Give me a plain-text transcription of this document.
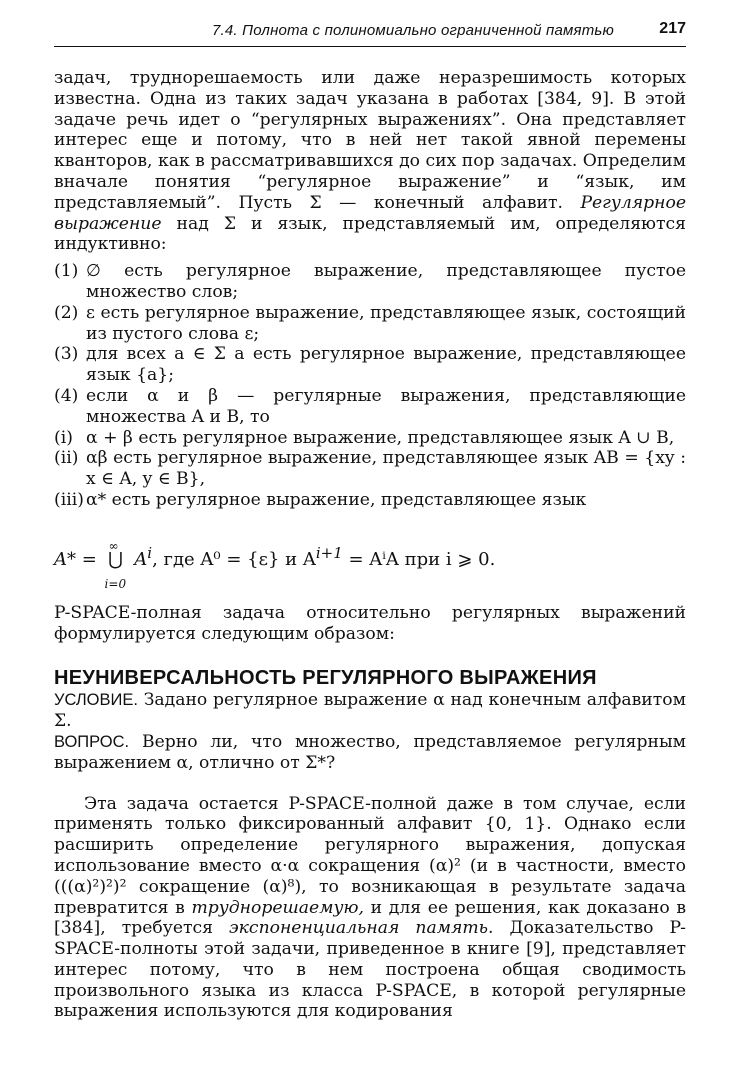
7.4. Полнота с полиномиально ограниченной памятью	217

задач, труднорешаемость или даже неразрешимость которых известна. Одна из таких задач указана в работах [384, 9]. В этой задаче речь идет о “регулярных выражениях”. Она представляет интерес еще и потому, что в ней нет такой явной перемены кванторов, как в рассматривавшихся до сих пор задачах. Определим вначале понятия “регулярное выражение” и “язык, им представляемый”. Пусть Σ — конечный алфавит. Регулярное выражение над Σ и язык, представляемый им, определяются индуктивно:

(1) ∅ есть регулярное выражение, представляющее пустое множество слов;
(2) ε есть регулярное выражение, представляющее язык, состоящий из пустого слова ε;
(3) для всех a ∈ Σ a есть регулярное выражение, представляющее язык {a};
(4) если α и β — регулярные выражения, представляющие множества A и B, то
(i) α + β есть регулярное выражение, представляющее язык A ∪ B,
(ii) αβ есть регулярное выражение, представляющее язык AB = {xy : x ∈ A, y ∈ B},
(iii) α* есть регулярное выражение, представляющее язык
A* =
∞
⋃
i=0
$A^i$, где A⁰ = {ε} и $A^{i+1} = A^iA$ при i ⩾ 0.

P-SPACE-полная задача относительно регулярных выражений формулируется следующим образом:

НЕУНИВЕРСАЛЬНОСТЬ РЕГУЛЯРНОГО ВЫРАЖЕНИЯ

УСЛОВИЕ. Задано регулярное выражение α над конечным алфавитом Σ.

ВОПРОС. Верно ли, что множество, представляемое регулярным выражением α, отлично от Σ*?

Эта задача остается P-SPACE-полной даже в том случае, если применять только фиксированный алфавит {0, 1}. Однако если расширить определение регулярного выражения, допуская использование вместо α·α сокращения (α)² (и в частности, вместо (((α)²)²)² сокращение (α)⁸), то возникающая в результате задача превратится в труднорешаемую, и для ее решения, как доказано в [384], требуется экспоненциальная память. Доказательство P-SPACE-полноты этой задачи, приведенное в книге [9], представляет интерес потому, что в нем построена общая сводимость произвольного языка из класса P-SPACE, в которой регулярные выражения используются для кодирования
